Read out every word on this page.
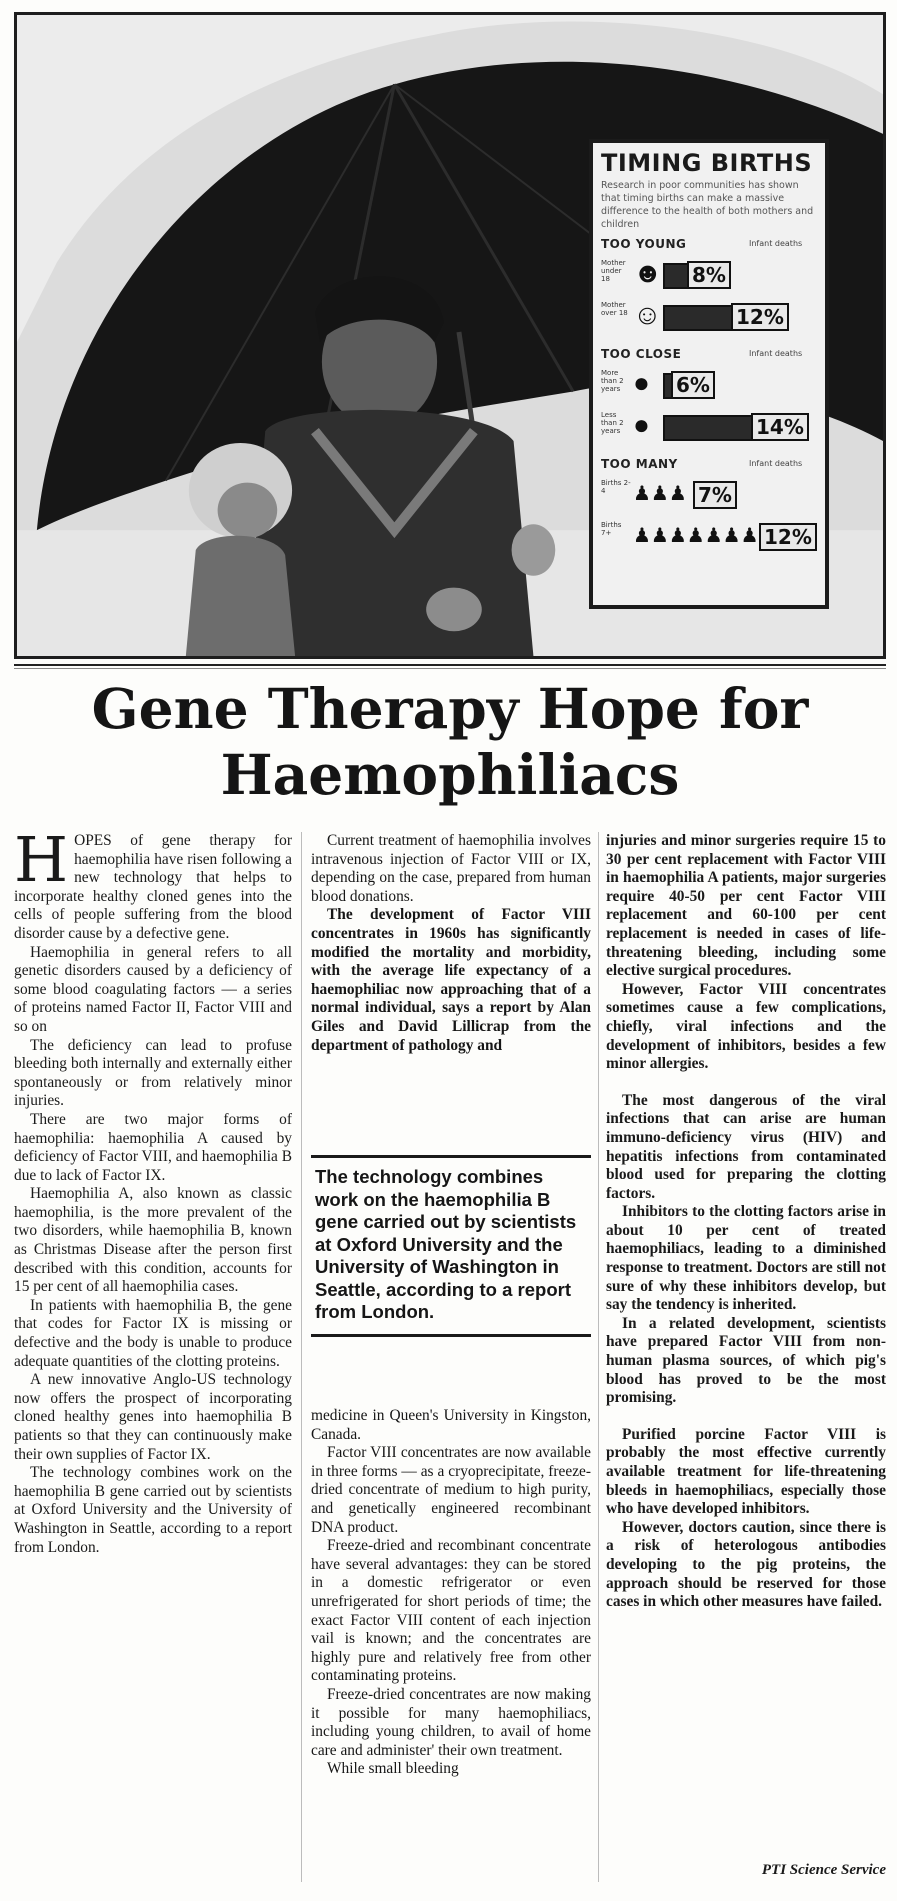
TIMING BIRTHS
Research in poor communities has shown that timing births can make a massive difference to the health of both mothers and children
TOO YOUNG	Infant deaths
Mother under 18 ☻ 8%
Mother over 18 ☺	12%
TOO CLOSE	Infant deaths
More than 2 years ● 6%
Less than 2 years ●	14%
TOO MANY	Infant deaths
Births 2-4	♟♟♟ 7%
Births 7+	♟♟♟♟♟♟♟ 12%
Gene Therapy Hope for
Haemophiliacs

HOPES of gene therapy for haemophilia have risen following a new technology that helps to incorporate healthy cloned genes into the cells of people suffering from the blood disorder cause by a defective gene.

Haemophilia in general refers to all genetic disorders caused by a deficiency of some blood coagulating factors — a series of proteins named Factor II, Factor VIII and so on

The deficiency can lead to profuse bleeding both internally and externally either spontaneously or from relatively minor injuries.

There are two major forms of haemophilia: haemophilia A caused by deficiency of Factor VIII, and haemophilia B due to lack of Factor IX.

Haemophilia A, also known as classic haemophilia, is the more prevalent of the two disorders, while haemophilia B, known as Christmas Disease after the person first described with this condition, accounts for 15 per cent of all haemophilia cases.

In patients with haemophilia B, the gene that codes for Factor IX is missing or defective and the body is unable to produce adequate quantities of the clotting proteins.

A new innovative Anglo-US technology now offers the prospect of incorporating cloned healthy genes into haemophilia B patients so that they can continuously make their own supplies of Factor IX.

The technology combines work on the haemophilia B gene carried out by scientists at Oxford University and the University of Washington in Seattle, according to a report from London.

Current treatment of haemophilia involves intravenous injection of Factor VIII or IX, depending on the case, prepared from human blood donations.

The development of Factor VIII concentrates in 1960s has significantly modified the mortality and morbidity, with the average life expectancy of a haemophiliac now approaching that of a normal individual, says a report by Alan Giles and David Lillicrap from the department of pathology and

The technology combines work on the haemophilia B gene carried out by scientists at Oxford University and the University of Washington in Seattle, according to a report from London.

medicine in Queen's University in Kingston, Canada.

Factor VIII concentrates are now available in three forms — as a cryoprecipitate, freeze-dried concentrate of medium to high purity, and genetically engineered recombinant DNA product.

Freeze-dried and recombinant concentrate have several advantages: they can be stored in a domestic refrigerator or even unrefrigerated for short periods of time; the exact Factor VIII content of each injection vail is known; and the concentrates are highly pure and relatively free from other contaminating proteins.

Freeze-dried concentrates are now making it possible for many haemophiliacs, including young children, to avail of home care and administer' their own treatment.

While small bleeding

injuries and minor surgeries require 15 to 30 per cent replacement with Factor VIII in haemophilia A patients, major surgeries require 40-50 per cent Factor VIII replacement and 60-100 per cent replacement is needed in cases of life-threatening bleeding, including some elective surgical procedures.

However, Factor VIII concentrates sometimes cause a few complications, chiefly, viral infections and the development of inhibitors, besides a few minor allergies.

The most dangerous of the viral infections that can arise are human immuno-deficiency virus (HIV) and hepatitis infections from contaminated blood used for preparing the clotting factors.

Inhibitors to the clotting factors arise in about 10 per cent of treated haemophiliacs, leading to a diminished response to treatment. Doctors are still not sure of why these inhibitors develop, but say the tendency is inherited.

In a related development, scientists have prepared Factor VIII from non-human plasma sources, of which pig's blood has proved to be the most promising.

Purified porcine Factor VIII is probably the most effective currently available treatment for life-threatening bleeds in haemophiliacs, especially those who have developed inhibitors.

However, doctors caution, since there is a risk of heterologous antibodies developing to the pig proteins, the approach should be reserved for those cases in which other measures have failed.

PTI Science Service
